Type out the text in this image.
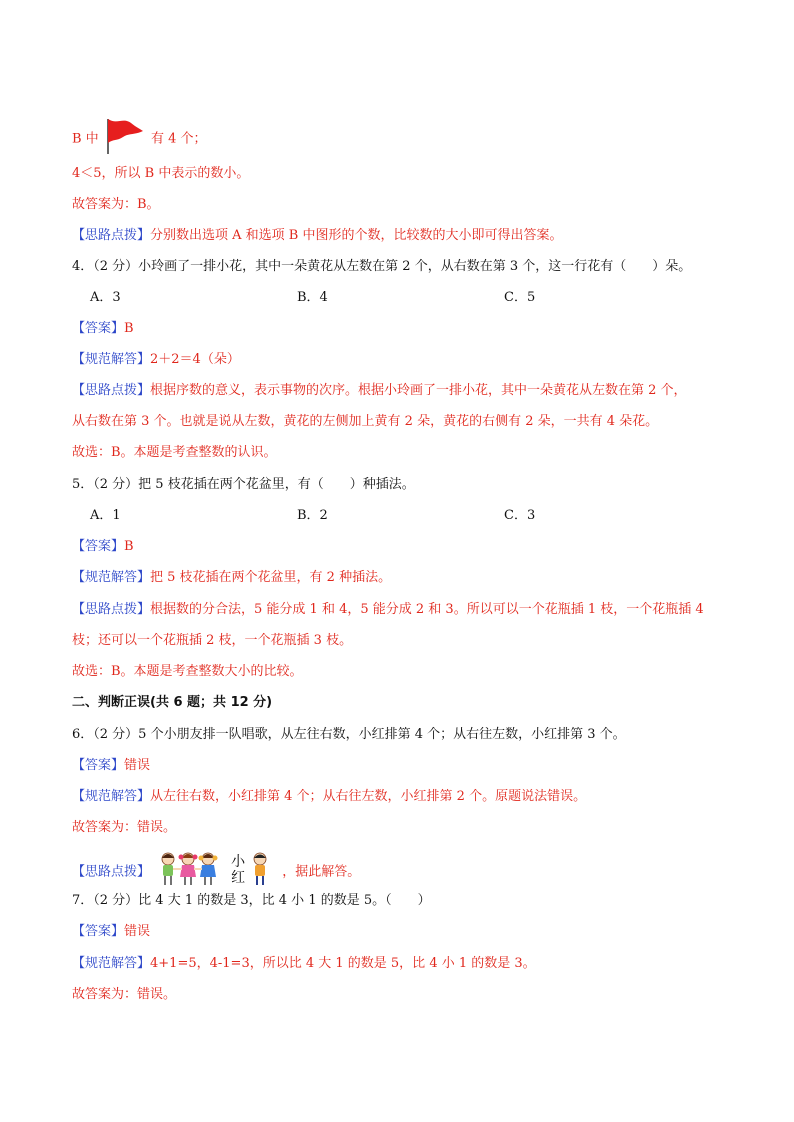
B 中	有 4 个；
4＜5，所以 B 中表示的数小。
故答案为：B。
【思路点拨】分别数出选项 A 和选项 B 中图形的个数，比较数的大小即可得出答案。
4．（2 分）小玲画了一排小花，其中一朵黄花从左数在第 2 个，从右数在第 3 个，这一行花有（　　）朵。
A．3	B．4	C．5
【答案】B
【规范解答】2＋2＝4（朵）
【思路点拨】根据序数的意义，表示事物的次序。根据小玲画了一排小花，其中一朵黄花从左数在第 2 个，
从右数在第 3 个。也就是说从左数，黄花的左侧加上黄有 2 朵，黄花的右侧有 2 朵，一共有 4 朵花。
故选：B。本题是考查整数的认识。
5．（2 分）把 5 枝花插在两个花盆里，有（　　）种插法。
A．1	B．2	C．3
【答案】B
【规范解答】把 5 枝花插在两个花盆里，有 2 种插法。
【思路点拨】根据数的分合法，5 能分成 1 和 4，5 能分成 2 和 3。所以可以一个花瓶插 1 枝，一个花瓶插 4
枝；还可以一个花瓶插 2 枝，一个花瓶插 3 枝。
故选：B。本题是考查整数大小的比较。
二、判断正误(共 6 题；共 12 分)
6．（2 分）5 个小朋友排一队唱歌，从左往右数，小红排第 4 个；从右往左数，小红排第 3 个。
【答案】错误
【规范解答】从左往右数，小红排第 4 个；从右往左数，小红排第 2 个。原题说法错误。
故答案为：错误。
【思路点拨】
小红	，据此解答。
7．（2 分）比 4 大 1 的数是 3，比 4 小 1 的数是 5。（　　）
【答案】错误
【规范解答】4+1=5，4-1=3，所以比 4 大 1 的数是 5，比 4 小 1 的数是 3。
故答案为：错误。
